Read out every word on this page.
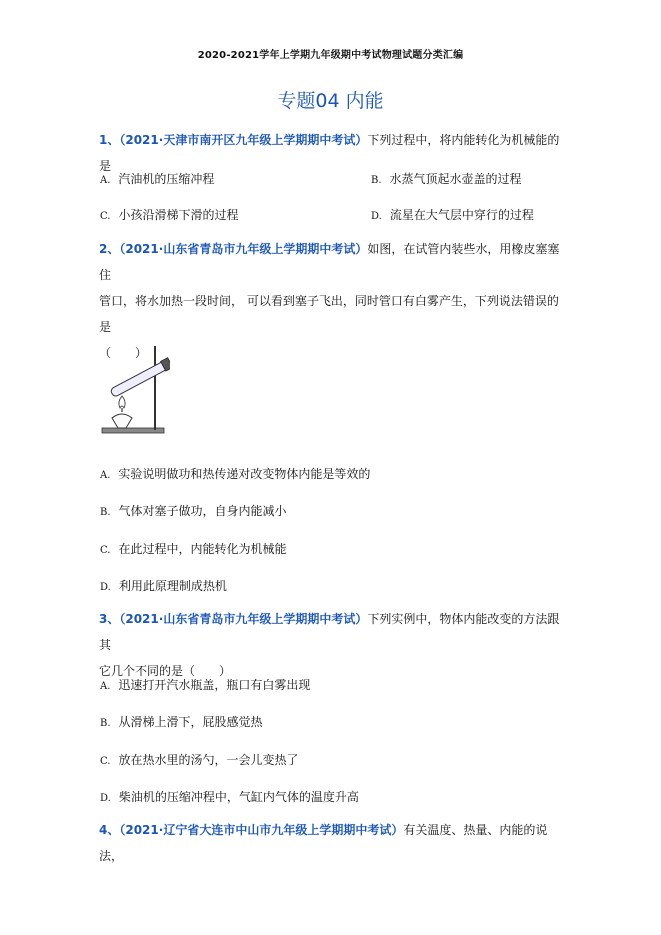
2020-2021学年上学期九年级期中考试物理试题分类汇编
专题04 内能
1、（2021·天津市南开区九年级上学期期中考试）下列过程中，将内能转化为机械能的是
A. 汽油机的压缩冲程	B. 水蒸气顶起水壶盖的过程
C. 小孩沿滑梯下滑的过程	D. 流星在大气层中穿行的过程
2、（2021·山东省青岛市九年级上学期期中考试）如图，在试管内装些水，用橡皮塞塞住
管口，将水加热一段时间， 可以看到塞子飞出，同时管口有白雾产生，下列说法错误的是
（　　）
A. 实验说明做功和热传递对改变物体内能是等效的
B. 气体对塞子做功，自身内能减小
C. 在此过程中，内能转化为机械能
D. 利用此原理制成热机
3、（2021·山东省青岛市九年级上学期期中考试）下列实例中，物体内能改变的方法跟其
它几个不同的是（　　）
A. 迅速打开汽水瓶盖，瓶口有白雾出现
B. 从滑梯上滑下，屁股感觉热
C. 放在热水里的汤勺，一会儿变热了
D. 柴油机的压缩冲程中，气缸内气体的温度升高
4、（2021·辽宁省大连市中山市九年级上学期期中考试）有关温度、热量、内能的说法，
